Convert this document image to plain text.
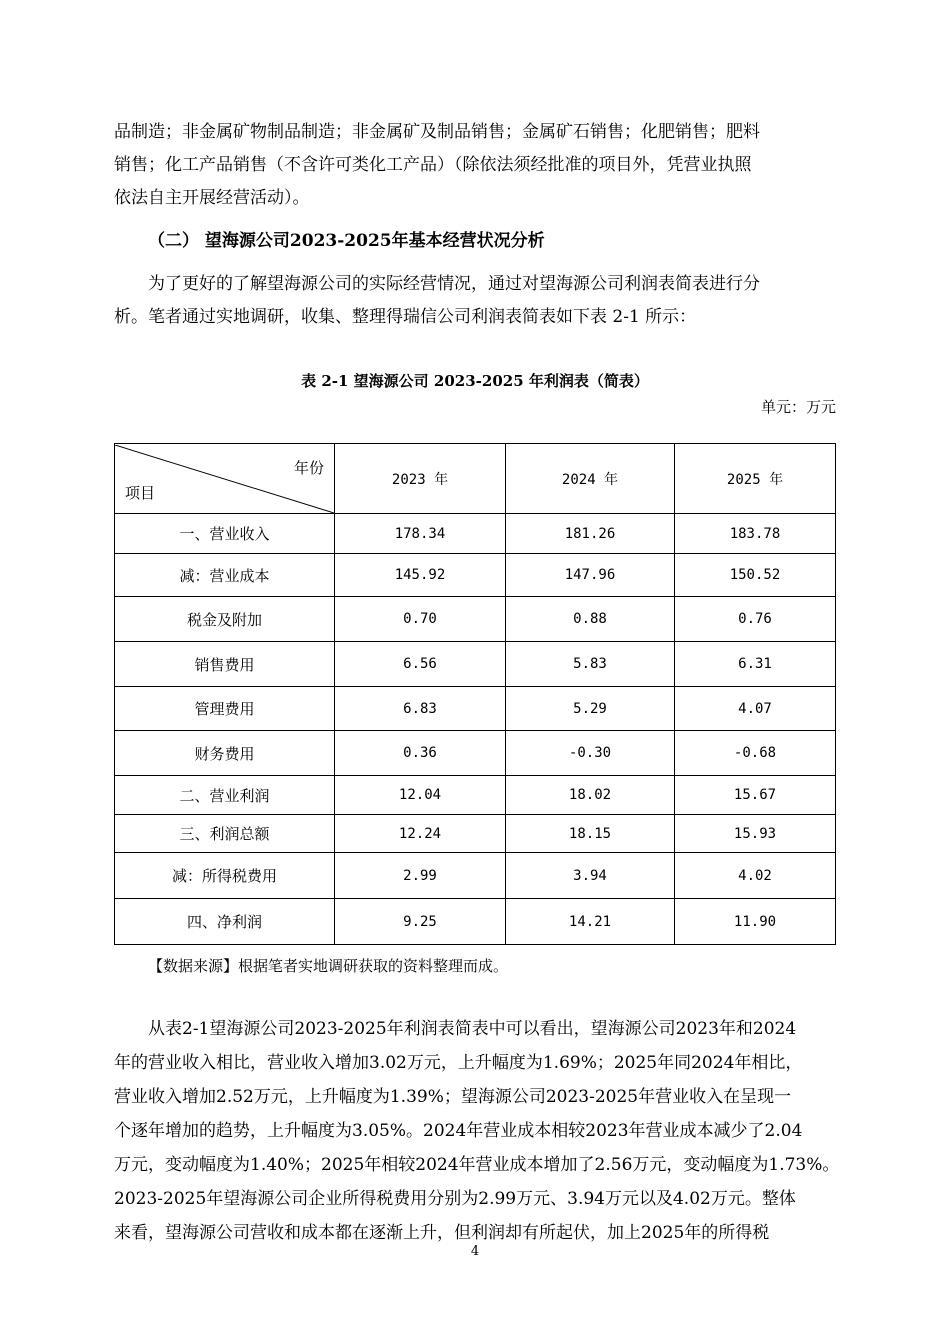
品制造；非金属矿物制品制造；非金属矿及制品销售；金属矿石销售；化肥销售；肥料
销售；化工产品销售（不含许可类化工产品）（除依法须经批准的项目外，凭营业执照
依法自主开展经营活动）。
（二） 望海源公司2023-2025年基本经营状况分析
为了更好的了解望海源公司的实际经营情况，通过对望海源公司利润表简表进行分
析。笔者通过实地调研，收集、整理得瑞信公司利润表简表如下表 2-1 所示：
表 2-1 望海源公司 2023-2025 年利润表（简表）
单元：万元
年份
项目	2023 年	2024 年	2025 年
一、营业收入	178.34	181.26	183.78
减：营业成本	145.92	147.96	150.52
税金及附加	0.70	0.88	0.76
销售费用	6.56	5.83	6.31
管理费用	6.83	5.29	4.07
财务费用	0.36	-0.30	-0.68
二、营业利润	12.04	18.02	15.67
三、利润总额	12.24	18.15	15.93
减：所得税费用	2.99	3.94	4.02
四、净利润	9.25	14.21	11.90
【数据来源】根据笔者实地调研获取的资料整理而成。
从表2-1望海源公司2023-2025年利润表简表中可以看出，望海源公司2023年和2024
年的营业收入相比，营业收入增加3.02万元，上升幅度为1.69%；2025年同2024年相比，
营业收入增加2.52万元，上升幅度为1.39%；望海源公司2023-2025年营业收入在呈现一
个逐年增加的趋势，上升幅度为3.05%。2024年营业成本相较2023年营业成本减少了2.04
万元，变动幅度为1.40%；2025年相较2024年营业成本增加了2.56万元，变动幅度为1.73%。
2023-2025年望海源公司企业所得税费用分别为2.99万元、3.94万元以及4.02万元。整体
来看，望海源公司营收和成本都在逐渐上升，但利润却有所起伏，加上2025年的所得税
4
